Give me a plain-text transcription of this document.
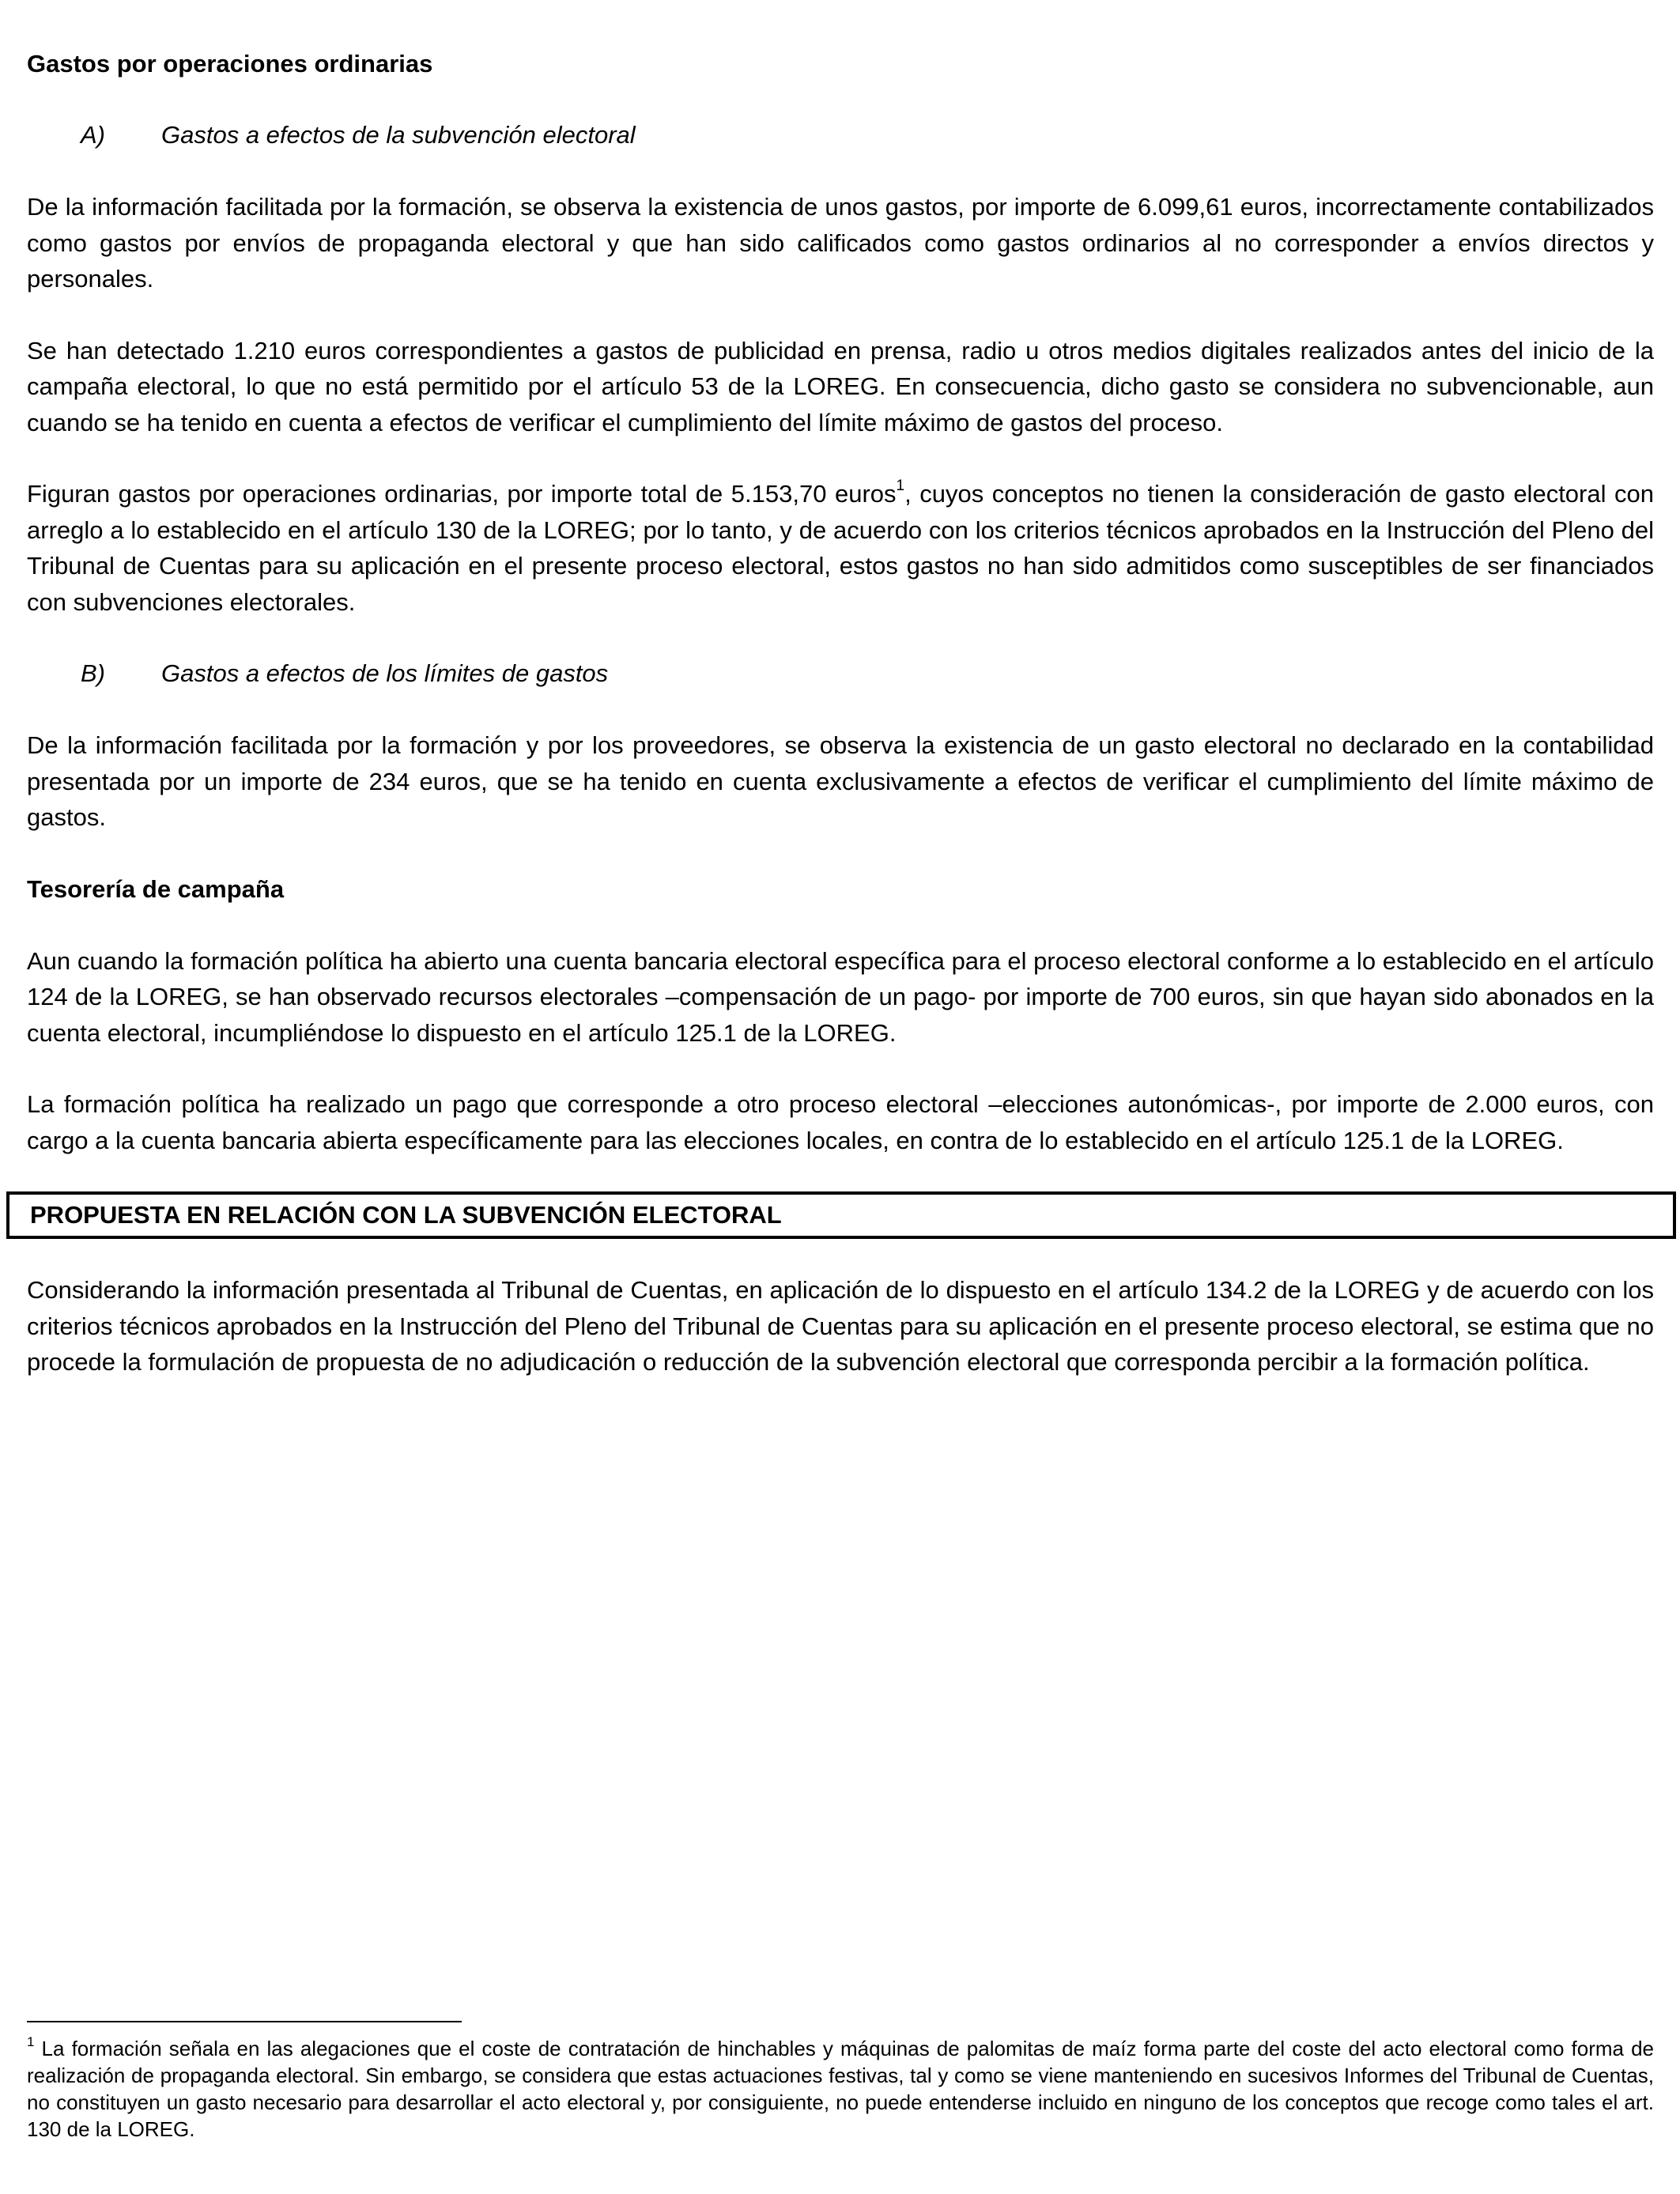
Gastos por operaciones ordinarias

A)	Gastos a efectos de la subvención electoral

De la información facilitada por la formación, se observa la existencia de unos gastos, por importe de 6.099,61 euros, incorrectamente contabilizados como gastos por envíos de propaganda electoral y que han sido calificados como gastos ordinarios al no corresponder a envíos directos y personales.

Se han detectado 1.210 euros correspondientes a gastos de publicidad en prensa, radio u otros medios digitales realizados antes del inicio de la campaña electoral, lo que no está permitido por el artículo 53 de la LOREG. En consecuencia, dicho gasto se considera no subvencionable, aun cuando se ha tenido en cuenta a efectos de verificar el cumplimiento del límite máximo de gastos del proceso.

Figuran gastos por operaciones ordinarias, por importe total de 5.153,70 euros$^1$, cuyos conceptos no tienen la consideración de gasto electoral con arreglo a lo establecido en el artículo 130 de la LOREG; por lo tanto, y de acuerdo con los criterios técnicos aprobados en la Instrucción del Pleno del Tribunal de Cuentas para su aplicación en el presente proceso electoral, estos gastos no han sido admitidos como susceptibles de ser financiados con subvenciones electorales.

B)	Gastos a efectos de los límites de gastos

De la información facilitada por la formación y por los proveedores, se observa la existencia de un gasto electoral no declarado en la contabilidad presentada por un importe de 234 euros, que se ha tenido en cuenta exclusivamente a efectos de verificar el cumplimiento del límite máximo de gastos.

Tesorería de campaña

Aun cuando la formación política ha abierto una cuenta bancaria electoral específica para el proceso electoral conforme a lo establecido en el artículo 124 de la LOREG, se han observado recursos electorales –compensación de un pago- por importe de 700 euros, sin que hayan sido abonados en la cuenta electoral, incumpliéndose lo dispuesto en el artículo 125.1 de la LOREG.

La formación política ha realizado un pago que corresponde a otro proceso electoral –elecciones autonómicas-, por importe de 2.000 euros, con cargo a la cuenta bancaria abierta específicamente para las elecciones locales, en contra de lo establecido en el artículo 125.1 de la LOREG.

PROPUESTA EN RELACIÓN CON LA SUBVENCIÓN ELECTORAL

Considerando la información presentada al Tribunal de Cuentas, en aplicación de lo dispuesto en el artículo 134.2 de la LOREG y de acuerdo con los criterios técnicos aprobados en la Instrucción del Pleno del Tribunal de Cuentas para su aplicación en el presente proceso electoral, se estima que no procede la formulación de propuesta de no adjudicación o reducción de la subvención electoral que corresponda percibir a la formación política.

$^1$ La formación señala en las alegaciones que el coste de contratación de hinchables y máquinas de palomitas de maíz forma parte del coste del acto electoral como forma de realización de propaganda electoral. Sin embargo, se considera que estas actuaciones festivas, tal y como se viene manteniendo en sucesivos Informes del Tribunal de Cuentas, no constituyen un gasto necesario para desarrollar el acto electoral y, por consiguiente, no puede entenderse incluido en ninguno de los conceptos que recoge como tales el art. 130 de la LOREG.
